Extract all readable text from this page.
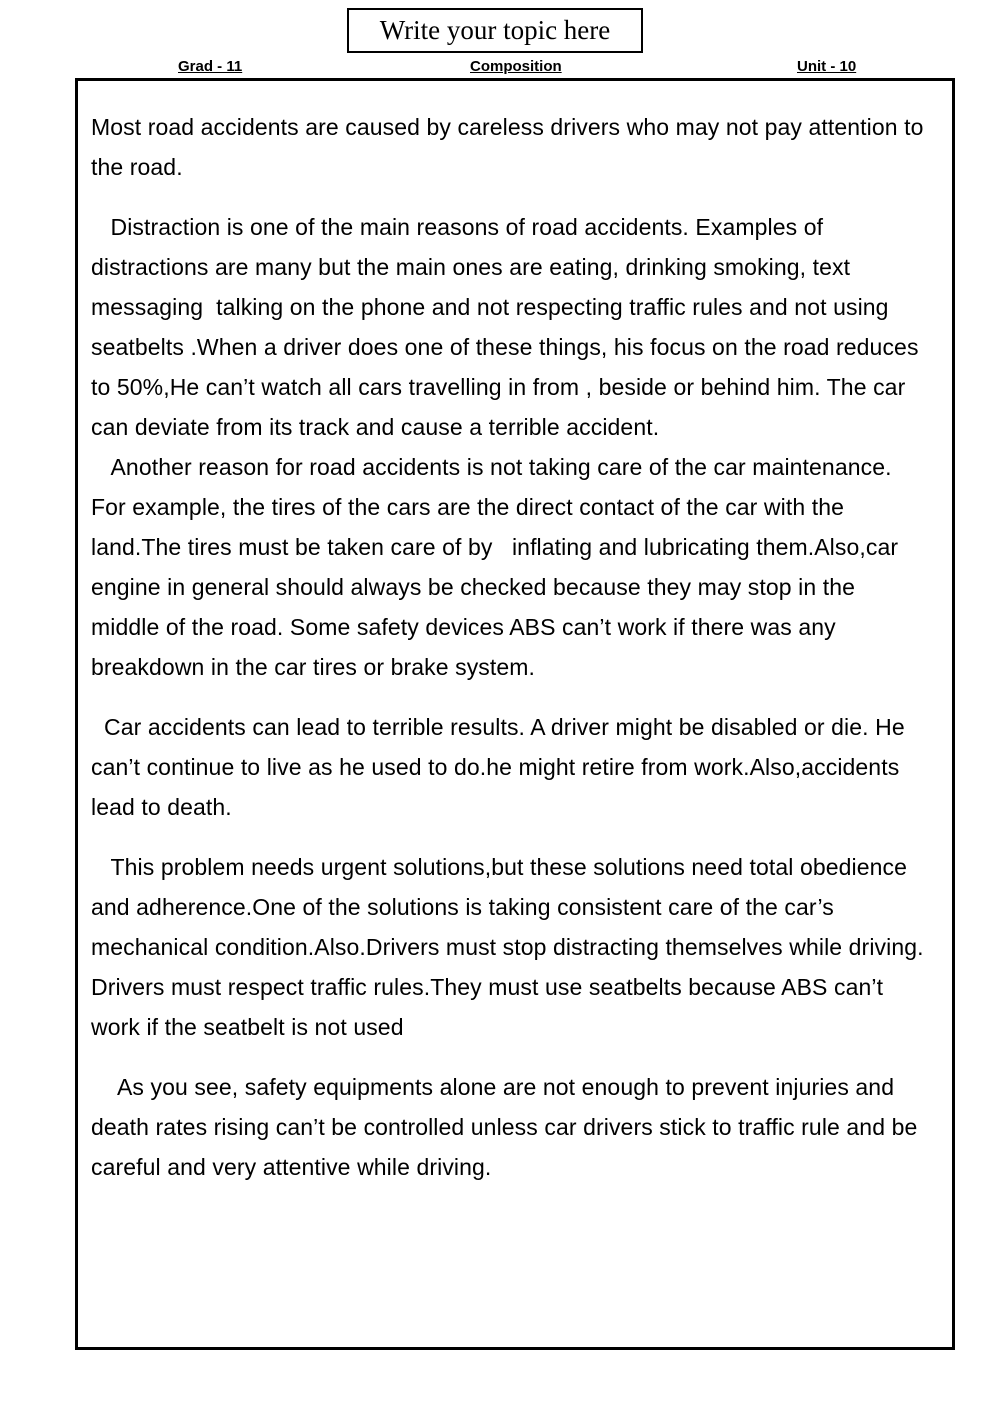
Write your topic here
Grad - 11	Composition	Unit - 10

Most road accidents are caused by careless drivers who may not pay attention to the road.

Distraction is one of the main reasons of road accidents. Examples of distractions are many but the main ones are eating, drinking smoking, text messaging  talking on the phone and not respecting traffic rules and not using seatbelts .When a driver does one of these things, his focus on the road reduces to 50%,He can’t watch all cars travelling in from , beside or behind him. The car can deviate from its track and cause a terrible accident.

Another reason for road accidents is not taking care of the car maintenance. For example, the tires of the cars are the direct contact of the car with the land.The tires must be taken care of by   inflating and lubricating them.Also,car engine in general should always be checked because they may stop in the middle of the road. Some safety devices ABS can’t work if there was any breakdown in the car tires or brake system.

Car accidents can lead to terrible results. A driver might be disabled or die. He can’t continue to live as he used to do.he might retire from work.Also,accidents lead to death.

This problem needs urgent solutions,but these solutions need total obedience and adherence.One of the solutions is taking consistent care of the car’s mechanical condition.Also.Drivers must stop distracting themselves while driving. Drivers must respect traffic rules.They must use seatbelts because ABS can’t work if the seatbelt is not used

As you see, safety equipments alone are not enough to prevent injuries and death rates rising can’t be controlled unless car drivers stick to traffic rule and be careful and very attentive while driving.
